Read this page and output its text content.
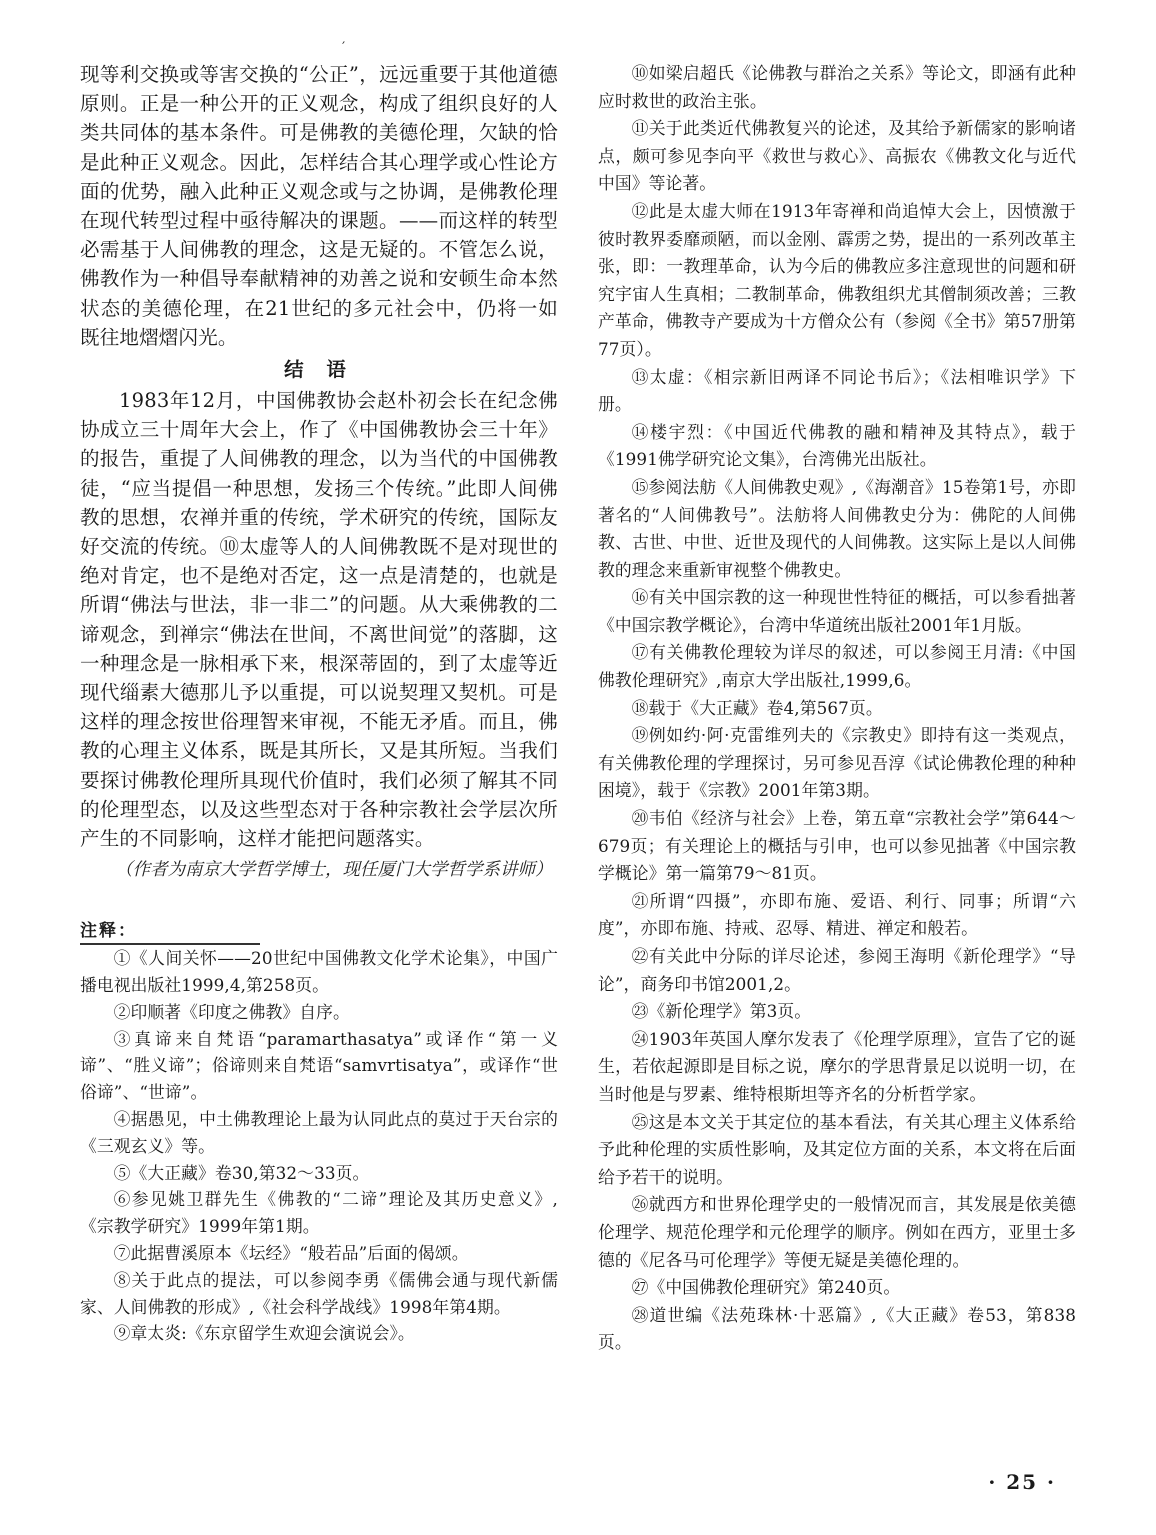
′

现等利交换或等害交换的“公正”，远远重要于其他道德原则。正是一种公开的正义观念，构成了组织良好的人类共同体的基本条件。可是佛教的美德伦理，欠缺的恰是此种正义观念。因此，怎样结合其心理学或心性论方面的优势，融入此种正义观念或与之协调，是佛教伦理在现代转型过程中亟待解决的课题。——而这样的转型必需基于人间佛教的理念，这是无疑的。不管怎么说，佛教作为一种倡导奉献精神的劝善之说和安顿生命本然状态的美德伦理，在21世纪的多元社会中，仍将一如既往地熠熠闪光。

结 语

1983年12月，中国佛教协会赵朴初会长在纪念佛协成立三十周年大会上，作了《中国佛教协会三十年》的报告，重提了人间佛教的理念，以为当代的中国佛教徒，“应当提倡一种思想，发扬三个传统。”此即人间佛教的思想，农禅并重的传统，学术研究的传统，国际友好交流的传统。⑩太虚等人的人间佛教既不是对现世的绝对肯定，也不是绝对否定，这一点是清楚的，也就是所谓“佛法与世法，非一非二”的问题。从大乘佛教的二谛观念，到禅宗“佛法在世间，不离世间觉”的落脚，这一种理念是一脉相承下来，根深蒂固的，到了太虚等近现代缁素大德那儿予以重提，可以说契理又契机。可是这样的理念按世俗理智来审视，不能无矛盾。而且，佛教的心理主义体系，既是其所长，又是其所短。当我们要探讨佛教伦理所具现代价值时，我们必须了解其不同的伦理型态，以及这些型态对于各种宗教社会学层次所产生的不同影响，这样才能把问题落实。

（作者为南京大学哲学博士，现任厦门大学哲学系讲师）

注释：

①《人间关怀——20世纪中国佛教文化学术论集》，中国广播电视出版社1999,4,第258页。

②印顺著《印度之佛教》自序。

③真谛来自梵语“paramarthasatya”或译作“第一义谛”、“胜义谛”；俗谛则来自梵语“samvrtisatya”，或译作“世俗谛”、“世谛”。

④据愚见，中土佛教理论上最为认同此点的莫过于天台宗的《三观玄义》等。

⑤《大正藏》卷30,第32～33页。

⑥参见姚卫群先生《佛教的“二谛”理论及其历史意义》,《宗教学研究》1999年第1期。

⑦此据曹溪原本《坛经》“般若品”后面的偈颂。

⑧关于此点的提法，可以参阅李勇《儒佛会通与现代新儒家、人间佛教的形成》,《社会科学战线》1998年第4期。

⑨章太炎:《东京留学生欢迎会演说会》。

⑩如梁启超氏《论佛教与群治之关系》等论文，即涵有此种应时救世的政治主张。

⑪关于此类近代佛教复兴的论述，及其给予新儒家的影响诸点，颇可参见李向平《救世与救心》、高振农《佛教文化与近代中国》等论著。

⑫此是太虚大师在1913年寄禅和尚追悼大会上，因愤激于彼时教界委靡顽陋，而以金刚、霹雳之势，提出的一系列改革主张，即：一教理革命，认为今后的佛教应多注意现世的问题和研究宇宙人生真相；二教制革命，佛教组织尤其僧制须改善；三教产革命，佛教寺产要成为十方僧众公有（参阅《全书》第57册第77页）。

⑬太虚：《相宗新旧两译不同论书后》；《法相唯识学》下册。

⑭楼宇烈：《中国近代佛教的融和精神及其特点》，载于《1991佛学研究论文集》，台湾佛光出版社。

⑮参阅法舫《人间佛教史观》,《海潮音》15卷第1号，亦即著名的“人间佛教号”。法舫将人间佛教史分为：佛陀的人间佛教、古世、中世、近世及现代的人间佛教。这实际上是以人间佛教的理念来重新审视整个佛教史。

⑯有关中国宗教的这一种现世性特征的概括，可以参看拙著《中国宗教学概论》，台湾中华道统出版社2001年1月版。

⑰有关佛教伦理较为详尽的叙述，可以参阅王月清:《中国佛教伦理研究》,南京大学出版社,1999,6。

⑱载于《大正藏》卷4,第567页。

⑲例如约·阿·克雷维列夫的《宗教史》即持有这一类观点，有关佛教伦理的学理探讨，另可参见吾淳《试论佛教伦理的种种困境》，载于《宗教》2001年第3期。

⑳韦伯《经济与社会》上卷，第五章“宗教社会学”第644～679页；有关理论上的概括与引申，也可以参见拙著《中国宗教学概论》第一篇第79～81页。

㉑所谓“四摄”，亦即布施、爱语、利行、同事；所谓“六度”，亦即布施、持戒、忍辱、精进、禅定和般若。

㉒有关此中分际的详尽论述，参阅王海明《新伦理学》“导论”，商务印书馆2001,2。

㉓《新伦理学》第3页。

㉔1903年英国人摩尔发表了《伦理学原理》，宣告了它的诞生，若依起源即是目标之说，摩尔的学思背景足以说明一切，在当时他是与罗素、维特根斯坦等齐名的分析哲学家。

㉕这是本文关于其定位的基本看法，有关其心理主义体系给予此种伦理的实质性影响，及其定位方面的关系，本文将在后面给予若干的说明。

㉖就西方和世界伦理学史的一般情况而言，其发展是依美德伦理学、规范伦理学和元伦理学的顺序。例如在西方，亚里士多德的《尼各马可伦理学》等便无疑是美德伦理的。

㉗《中国佛教伦理研究》第240页。

㉘道世编《法苑珠林·十恶篇》,《大正藏》卷53，第838页。

· 25 ·
